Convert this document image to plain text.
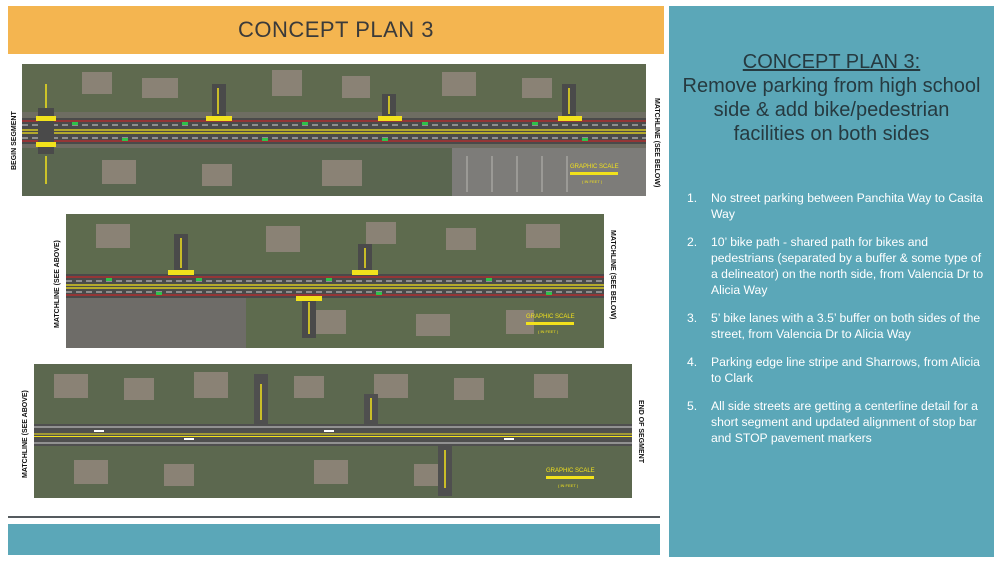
CONCEPT PLAN 3
GRAPHIC SCALE
( IN FEET )
BEGIN SEGMENT	MATCHLINE (SEE BELOW)
GRAPHIC SCALE
( IN FEET )
MATCHLINE (SEE ABOVE)	MATCHLINE (SEE BELOW)
GRAPHIC SCALE
( IN FEET )
MATCHLINE (SEE ABOVE)	END OF SEGMENT
CONCEPT PLAN 3:
Remove parking from high school side & add bike/pedestrian facilities on both sides
1.	No street parking between Panchita Way to Casita Way
2.	10’ bike path - shared path for bikes and pedestrians (separated by a buffer & some type of a delineator) on the north side, from Valencia Dr to Alicia Way
3.	5’ bike lanes with a 3.5’ buffer on both sides of the street, from Valencia Dr to Alicia Way
4.	Parking edge line stripe and Sharrows, from Alicia to Clark
5.	All side streets are getting a centerline detail for a short segment and updated alignment of stop bar and STOP pavement markers
